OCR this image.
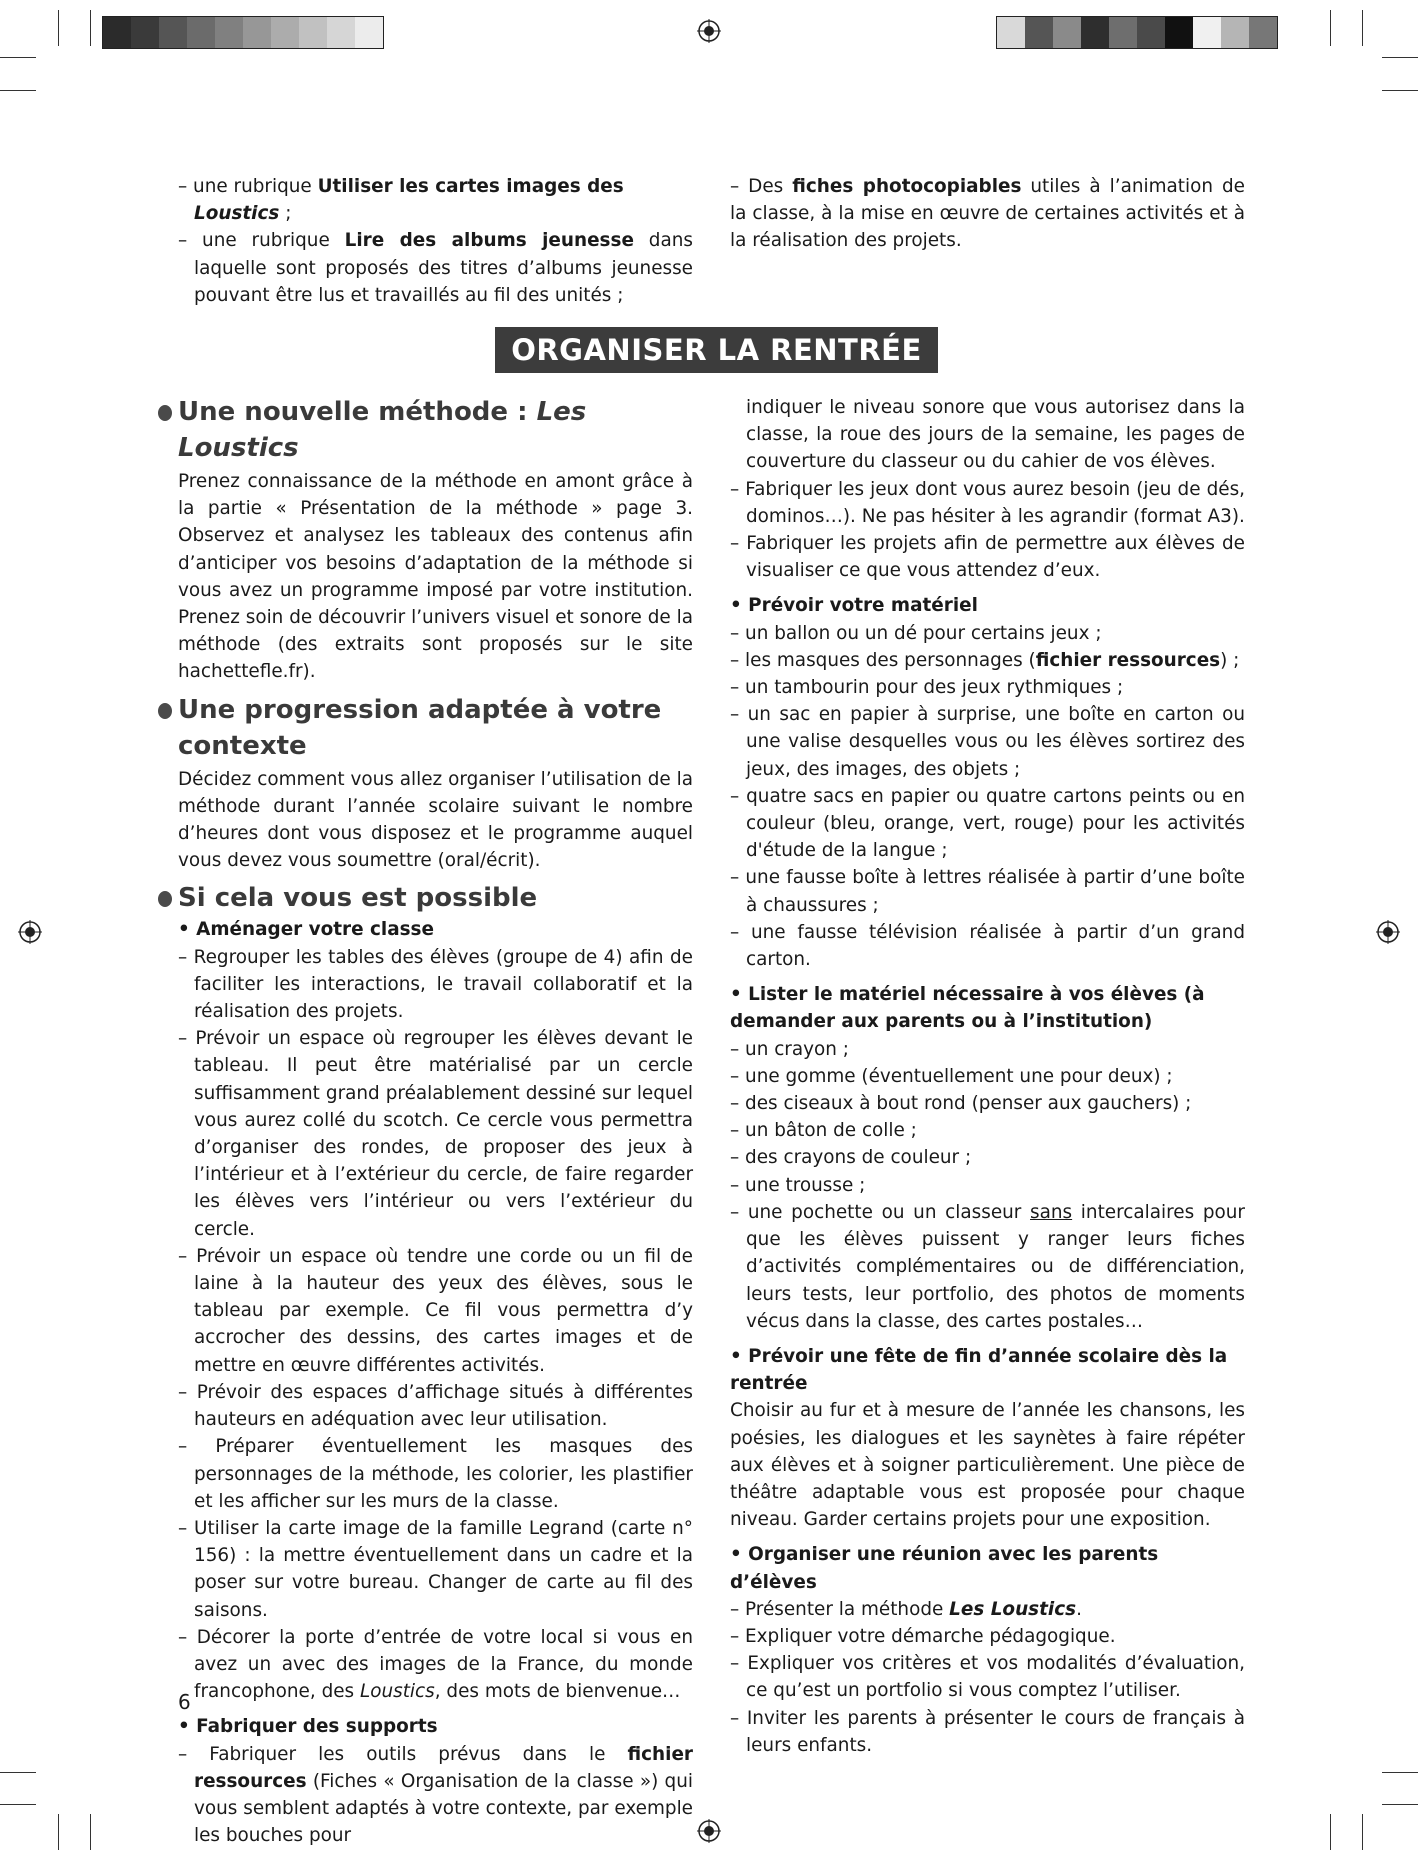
– une rubrique Utiliser les cartes images des Loustics ;

– une rubrique Lire des albums jeunesse dans laquelle sont proposés des titres d’albums jeunesse pouvant être lus et travaillés au fil des unités ;

– Des fiches photocopiables utiles à l’animation de la classe, à la mise en œuvre de certaines activités et à la réalisation des projets.

ORGANISER LA RENTRÉE
Une nouvelle méthode : Les Loustics

Prenez connaissance de la méthode en amont grâce à la partie « Présentation de la méthode » page 3. Observez et analysez les tableaux des contenus afin d’anticiper vos besoins d’adaptation de la méthode si vous avez un programme imposé par votre institution. Prenez soin de découvrir l’univers visuel et sonore de la méthode (des extraits sont proposés sur le site hachettefle.fr).

Une progression adaptée à votre contexte

Décidez comment vous allez organiser l’utilisation de la méthode durant l’année scolaire suivant le nombre d’heures dont vous disposez et le programme auquel vous devez vous soumettre (oral/écrit).

Si cela vous est possible

• Aménager votre classe

– Regrouper les tables des élèves (groupe de 4) afin de faciliter les interactions, le travail collaboratif et la réalisation des projets.

– Prévoir un espace où regrouper les élèves devant le tableau. Il peut être matérialisé par un cercle suffisamment grand préalablement dessiné sur lequel vous aurez collé du scotch. Ce cercle vous permettra d’organiser des rondes, de proposer des jeux à l’intérieur et à l’extérieur du cercle, de faire regarder les élèves vers l’intérieur ou vers l’extérieur du cercle.

– Prévoir un espace où tendre une corde ou un fil de laine à la hauteur des yeux des élèves, sous le tableau par exemple. Ce fil vous permettra d’y accrocher des dessins, des cartes images et de mettre en œuvre différentes activités.

– Prévoir des espaces d’affichage situés à différentes hauteurs en adéquation avec leur utilisation.

– Préparer éventuellement les masques des personnages de la méthode, les colorier, les plastifier et les afficher sur les murs de la classe.

– Utiliser la carte image de la famille Legrand (carte n° 156) : la mettre éventuellement dans un cadre et la poser sur votre bureau. Changer de carte au fil des saisons.

– Décorer la porte d’entrée de votre local si vous en avez un avec des images de la France, du monde francophone, des Loustics, des mots de bienvenue…

• Fabriquer des supports

– Fabriquer les outils prévus dans le fichier ressources (Fiches « Organisation de la classe ») qui vous semblent adaptés à votre contexte, par exemple les bouches pour

indiquer le niveau sonore que vous autorisez dans la classe, la roue des jours de la semaine, les pages de couverture du classeur ou du cahier de vos élèves.

– Fabriquer les jeux dont vous aurez besoin (jeu de dés, dominos…). Ne pas hésiter à les agrandir (format A3).

– Fabriquer les projets afin de permettre aux élèves de visualiser ce que vous attendez d’eux.

• Prévoir votre matériel

– un ballon ou un dé pour certains jeux ;

– les masques des personnages (fichier ressources) ;

– un tambourin pour des jeux rythmiques ;

– un sac en papier à surprise, une boîte en carton ou une valise desquelles vous ou les élèves sortirez des jeux, des images, des objets ;

– quatre sacs en papier ou quatre cartons peints ou en couleur (bleu, orange, vert, rouge) pour les activités d'étude de la langue ;

– une fausse boîte à lettres réalisée à partir d’une boîte à chaussures ;

– une fausse télévision réalisée à partir d’un grand carton.

• Lister le matériel nécessaire à vos élèves (à demander aux parents ou à l’institution)

– un crayon ;

– une gomme (éventuellement une pour deux) ;

– des ciseaux à bout rond (penser aux gauchers) ;

– un bâton de colle ;

– des crayons de couleur ;

– une trousse ;

– une pochette ou un classeur sans intercalaires pour que les élèves puissent y ranger leurs fiches d’activités complémentaires ou de différenciation, leurs tests, leur portfolio, des photos de moments vécus dans la classe, des cartes postales…

• Prévoir une fête de fin d’année scolaire dès la rentrée

Choisir au fur et à mesure de l’année les chansons, les poésies, les dialogues et les saynètes à faire répéter aux élèves et à soigner particulièrement. Une pièce de théâtre adaptable vous est proposée pour chaque niveau. Garder certains projets pour une exposition.

• Organiser une réunion avec les parents d’élèves

– Présenter la méthode Les Loustics.

– Expliquer votre démarche pédagogique.

– Expliquer vos critères et vos modalités d’évaluation, ce qu’est un portfolio si vous comptez l’utiliser.

– Inviter les parents à présenter le cours de français à leurs enfants.

6
